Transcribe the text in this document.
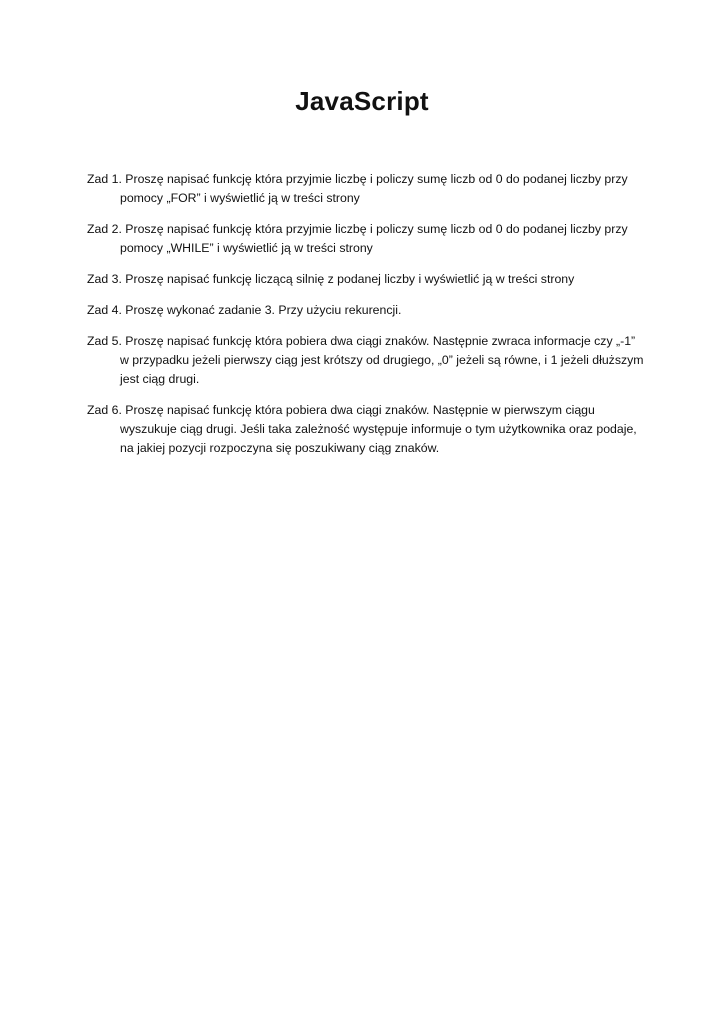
JavaScript

Zad 1. Proszę napisać funkcję która przyjmie liczbę i policzy sumę liczb od 0 do podanej liczby przy pomocy „FOR” i wyświetlić ją w treści strony

Zad 2. Proszę napisać funkcję która przyjmie liczbę i policzy sumę liczb od 0 do podanej liczby przy pomocy „WHILE” i wyświetlić ją w treści strony

Zad 3. Proszę napisać funkcję liczącą silnię z podanej liczby i wyświetlić ją w treści strony

Zad 4. Proszę wykonać zadanie 3. Przy użyciu rekurencji.

Zad 5. Proszę napisać funkcję która pobiera dwa ciągi znaków. Następnie zwraca informacje czy „-1” w przypadku jeżeli pierwszy ciąg jest krótszy od drugiego, „0” jeżeli są równe, i 1 jeżeli dłuższym jest ciąg drugi.

Zad 6. Proszę napisać funkcję która pobiera dwa ciągi znaków. Następnie w pierwszym ciągu wyszukuje ciąg drugi. Jeśli taka zależność występuje informuje o tym użytkownika oraz podaje, na jakiej pozycji rozpoczyna się poszukiwany ciąg znaków.
